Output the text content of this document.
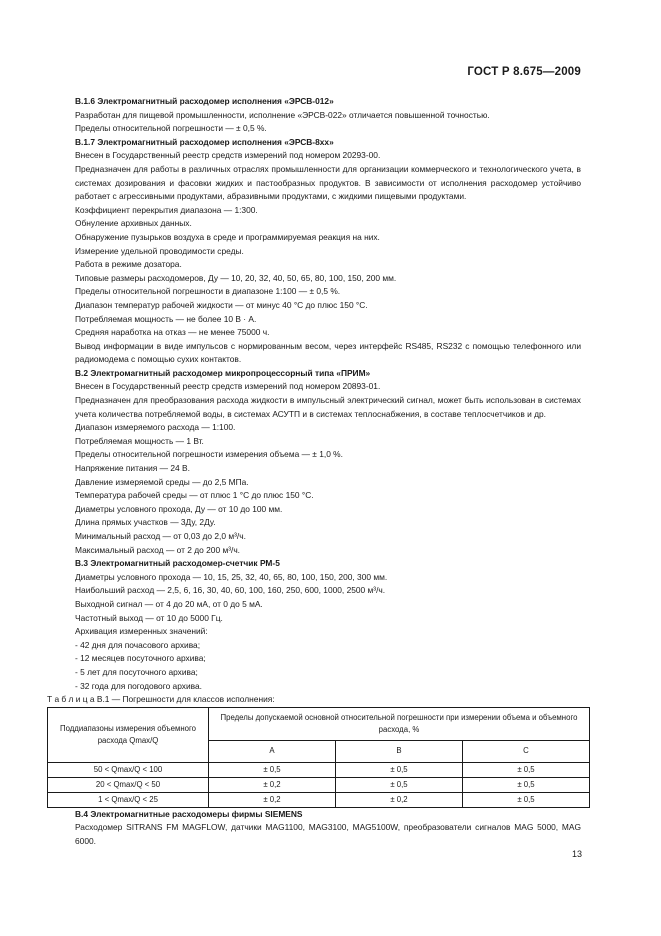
ГОСТ Р 8.675—2009

В.1.6 Электромагнитный расходомер исполнения «ЭРСВ-012»

Разработан для пищевой промышленности, исполнение «ЭРСВ-022» отличается повышенной точностью.

Пределы относительной погрешности — ± 0,5 %.

В.1.7 Электромагнитный расходомер исполнения «ЭРСВ-8хх»

Внесен в Государственный реестр средств измерений под номером 20293-00.

Предназначен для работы в различных отраслях промышленности для организации коммерческого и технологического учета, в системах дозирования и фасовки жидких и пастообразных продуктов. В зависимости от исполнения расходомер устойчиво работает с агрессивными продуктами, абразивными продуктами, с жидкими пищевыми продуктами.

Коэффициент перекрытия диапазона — 1:300.

Обнуление архивных данных.

Обнаружение пузырьков воздуха в среде и программируемая реакция на них.

Измерение удельной проводимости среды.

Работа в режиме дозатора.

Типовые размеры расходомеров, Ду — 10, 20, 32, 40, 50, 65, 80, 100, 150, 200 мм.

Пределы относительной погрешности в диапазоне 1:100 — ± 0,5 %.

Диапазон температур рабочей жидкости — от минус 40 °С до плюс 150 °С.

Потребляемая мощность — не более 10 В · А.

Средняя наработка на отказ — не менее 75000 ч.

Вывод информации в виде импульсов с нормированным весом, через интерфейс RS485, RS232 с помощью телефонного или радиомодема с помощью сухих контактов.

В.2 Электромагнитный расходомер микропроцессорный типа «ПРИМ»

Внесен в Государственный реестр средств измерений под номером 20893-01.

Предназначен для преобразования расхода жидкости в импульсный электрический сигнал, может быть использован в системах учета количества потребляемой воды, в системах АСУТП и в системах теплоснабжения, в составе теплосчетчиков и др.

Диапазон измеряемого расхода — 1:100.

Потребляемая мощность — 1 Вт.

Пределы относительной погрешности измерения объема — ± 1,0 %.

Напряжение питания — 24 В.

Давление измеряемой среды — до 2,5 МПа.

Температура рабочей среды — от плюс 1 °С до плюс 150 °С.

Диаметры условного прохода, Ду — от 10 до 100 мм.

Длина прямых участков — 3Ду, 2Ду.

Минимальный расход — от 0,03 до 2,0 м³/ч.

Максимальный расход — от 2 до 200 м³/ч.

В.3 Электромагнитный расходомер-счетчик РМ-5

Диаметры условного прохода — 10, 15, 25, 32, 40, 65, 80, 100, 150, 200, 300 мм.

Наибольший расход — 2,5, 6, 16, 30, 40, 60, 100, 160, 250, 600, 1000, 2500 м³/ч.

Выходной сигнал — от 4 до 20 мА, от 0 до 5 мА.

Частотный выход — от 10 до 5000 Гц.

Архивация измеренных значений:

- 42 дня для почасового архива;

- 12 месяцев посуточного архива;

- 5 лет для посуточного архива;

- 32 года для погодового архива.

Т а б л и ц а В.1 — Погрешности для классов исполнения:

Поддиапазоны измерения объемного расхода Qmax/Q	Пределы допускаемой основной относительной погрешности при измерении объема и объемного расхода, %		
	А	В	С
50 < Qmax/Q < 100	± 0,5	± 0,5	± 0,5
20 < Qmax/Q < 50	± 0,2	± 0,5	± 0,5
1 < Qmax/Q < 25	± 0,2	± 0,2	± 0,5

В.4 Электромагнитные расходомеры фирмы SIEMENS

Расходомер SITRANS FM MAGFLOW, датчики MAG1100, MAG3100, MAG5100W, преобразователи сигналов MAG 5000, MAG 6000.

13
